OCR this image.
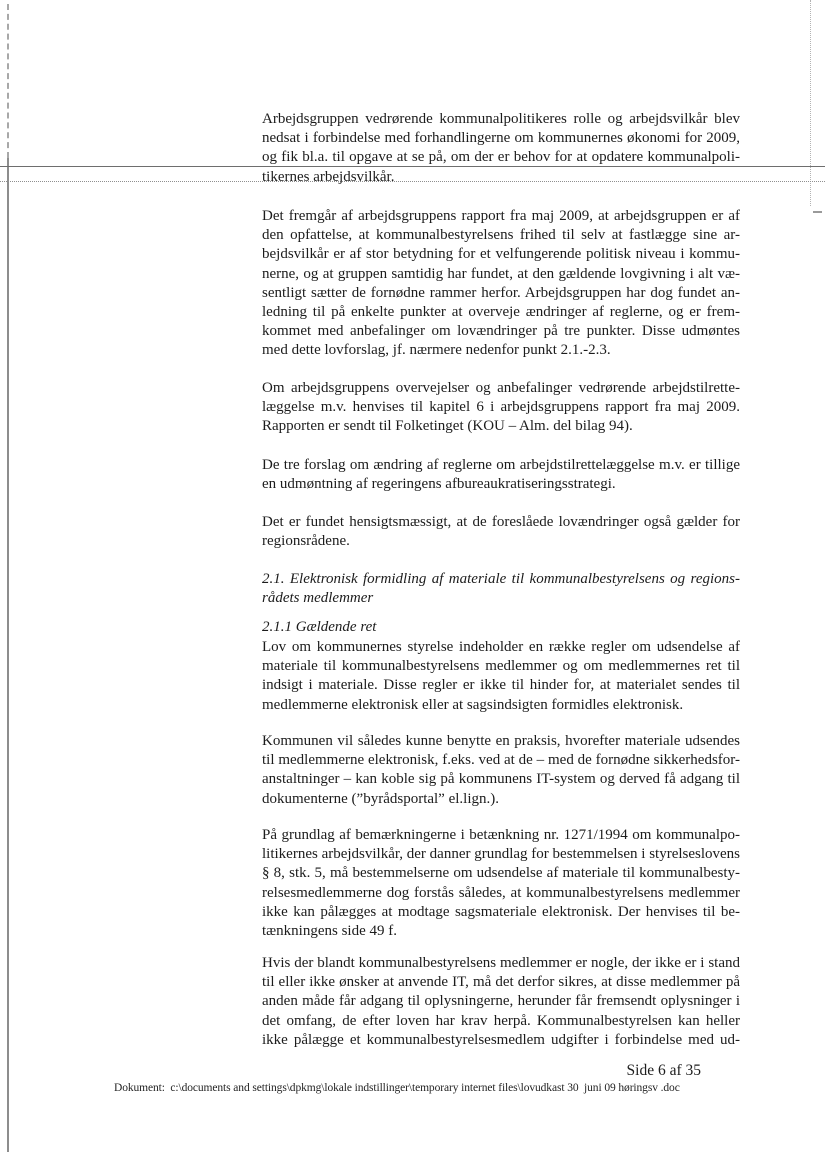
Arbejdsgruppen vedrørende kommunalpolitikeres rolle og arbejdsvilkår blev
nedsat i forbindelse med forhandlingerne om kommunernes økonomi for 2009,
og fik bl.a. til opgave at se på, om der er behov for at opdatere kommunalpoli-
tikernes arbejdsvilkår.
Det fremgår af arbejdsgruppens rapport fra maj 2009, at arbejdsgruppen er af
den opfattelse, at kommunalbestyrelsens frihed til selv at fastlægge sine ar-
bejdsvilkår er af stor betydning for et velfungerende politisk niveau i kommu-
nerne, og at gruppen samtidig har fundet, at den gældende lovgivning i alt væ-
sentligt sætter de fornødne rammer herfor. Arbejdsgruppen har dog fundet an-
ledning til på enkelte punkter at overveje ændringer af reglerne, og er frem-
kommet med anbefalinger om lovændringer på tre punkter. Disse udmøntes
med dette lovforslag, jf. nærmere nedenfor punkt 2.1.-2.3.
Om arbejdsgruppens overvejelser og anbefalinger vedrørende arbejdstilrette-
læggelse m.v. henvises til kapitel 6 i arbejdsgruppens rapport fra maj 2009.
Rapporten er sendt til Folketinget (KOU – Alm. del bilag 94).
De tre forslag om ændring af reglerne om arbejdstilrettelæggelse m.v. er tillige
en udmøntning af regeringens afbureaukratiseringsstrategi.
Det er fundet hensigtsmæssigt, at de foreslåede lovændringer også gælder for
regionsrådene.
2.1. Elektronisk formidling af materiale til kommunalbestyrelsens og regions-
rådets medlemmer
2.1.1 Gældende ret
Lov om kommunernes styrelse indeholder en række regler om udsendelse af
materiale til kommunalbestyrelsens medlemmer og om medlemmernes ret til
indsigt i materiale. Disse regler er ikke til hinder for, at materialet sendes til
medlemmerne elektronisk eller at sagsindsigten formidles elektronisk.
Kommunen vil således kunne benytte en praksis, hvorefter materiale udsendes
til medlemmerne elektronisk, f.eks. ved at de – med de fornødne sikkerhedsfor-
anstaltninger – kan koble sig på kommunens IT-system og derved få adgang til
dokumenterne (”byrådsportal” el.lign.).
På grundlag af bemærkningerne i betænkning nr. 1271/1994 om kommunalpo-
litikernes arbejdsvilkår, der danner grundlag for bestemmelsen i styrelseslovens
§ 8, stk. 5, må bestemmelserne om udsendelse af materiale til kommunalbesty-
relsesmedlemmerne dog forstås således, at kommunalbestyrelsens medlemmer
ikke kan pålægges at modtage sagsmateriale elektronisk. Der henvises til be-
tænkningens side 49 f.
Hvis der blandt kommunalbestyrelsens medlemmer er nogle, der ikke er i stand
til eller ikke ønsker at anvende IT, må det derfor sikres, at disse medlemmer på
anden måde får adgang til oplysningerne, herunder får fremsendt oplysninger i
det omfang, de efter loven har krav herpå. Kommunalbestyrelsen kan heller
ikke pålægge et kommunalbestyrelsesmedlem udgifter i forbindelse med ud-
Side 6 af 35
Dokument:  c:\documents and settings\dpkmg\lokale indstillinger\temporary internet files\lovudkast 30  juni 09 høringsv .doc
